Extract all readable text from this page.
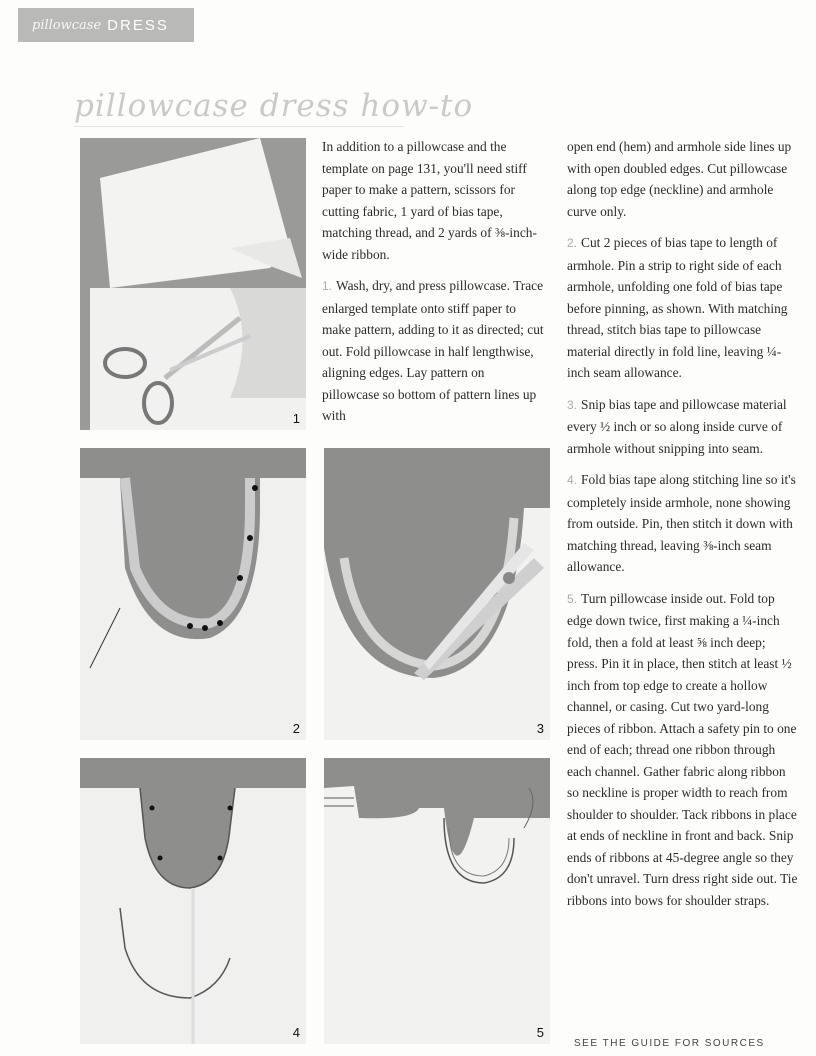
pillowcase DRESS
pillowcase dress how-to
1
2	3
4	5

In addition to a pillowcase and the template on page 131, you'll need stiff paper to make a pattern, scissors for cutting fabric, 1 yard of bias tape, matching thread, and 2 yards of ⅜-inch-wide ribbon.

1. Wash, dry, and press pillowcase. Trace enlarged template onto stiff paper to make pattern, adding to it as directed; cut out. Fold pillowcase in half lengthwise, aligning edges. Lay pattern on pillowcase so bottom of pattern lines up with

open end (hem) and armhole side lines up with open doubled edges. Cut pillowcase along top edge (neckline) and armhole curve only.

2. Cut 2 pieces of bias tape to length of armhole. Pin a strip to right side of each armhole, unfolding one fold of bias tape before pinning, as shown. With matching thread, stitch bias tape to pillowcase material directly in fold line, leaving ¼-inch seam allowance.

3. Snip bias tape and pillowcase material every ½ inch or so along inside curve of armhole without snipping into seam.

4. Fold bias tape along stitching line so it's completely inside armhole, none showing from outside. Pin, then stitch it down with matching thread, leaving ⅜-inch seam allowance.

5. Turn pillowcase inside out. Fold top edge down twice, first making a ¼-inch fold, then a fold at least ⅝ inch deep; press. Pin it in place, then stitch at least ½ inch from top edge to create a hollow channel, or casing. Cut two yard-long pieces of ribbon. Attach a safety pin to one end of each; thread one ribbon through each channel. Gather fabric along ribbon so neckline is proper width to reach from shoulder to shoulder. Tack ribbons in place at ends of neckline in front and back. Snip ends of ribbons at 45-degree angle so they don't unravel. Turn dress right side out. Tie ribbons into bows for shoulder straps.

SEE THE GUIDE FOR SOURCES
